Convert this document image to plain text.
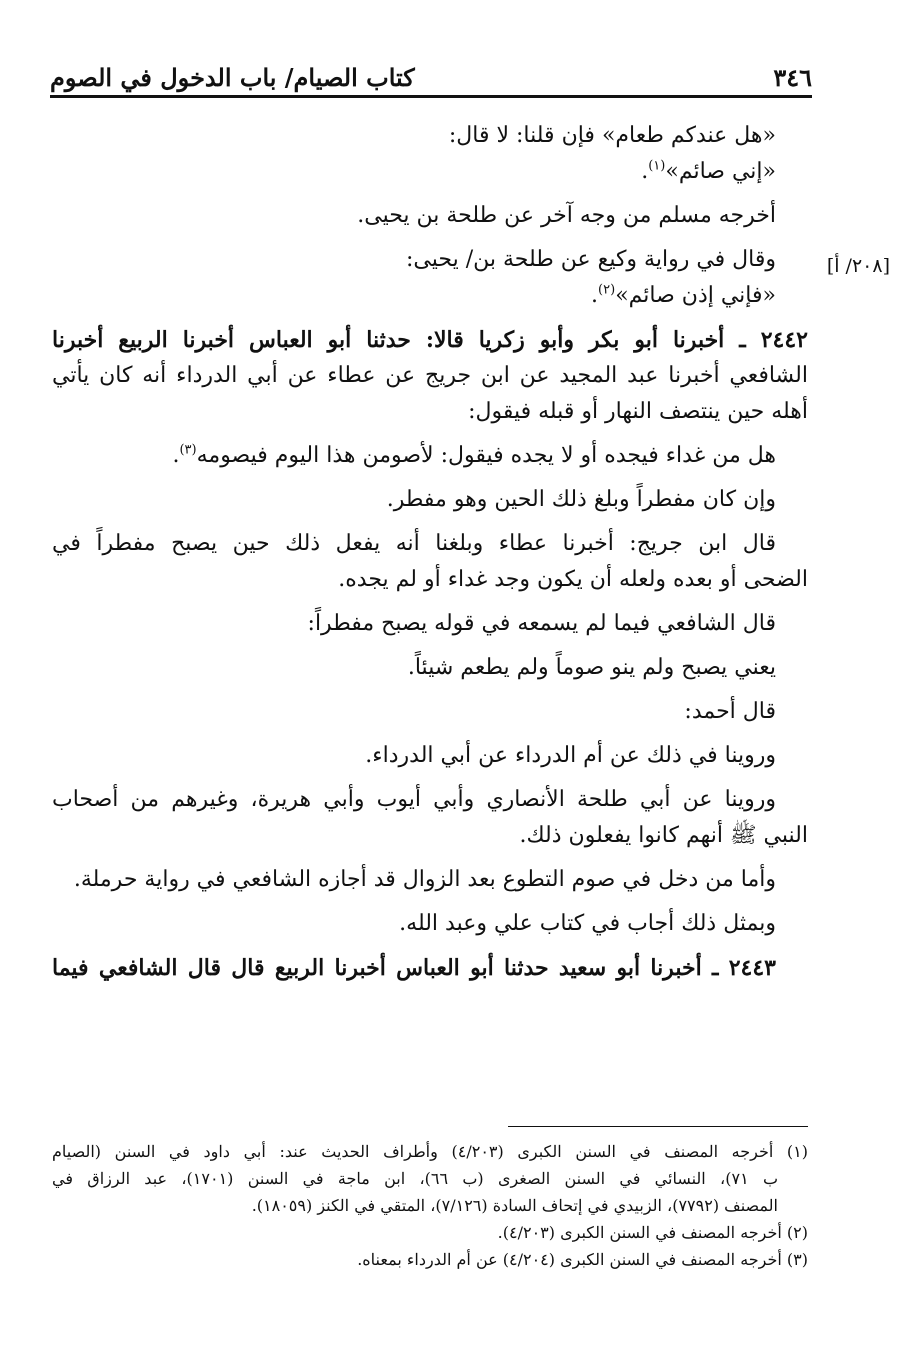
٣٤٦
كتاب الصيام/ باب الدخول في الصوم
[٢٠٨/ أ]
«هل عندكم طعام» فإن قلنا: لا قال:
«إني صائم»$^{(١)}$.
أخرجه مسلم من وجه آخر عن طلحة بن يحيى.
وقال في رواية وكيع عن طلحة بن/ يحيى:
«فإني إذن صائم»$^{(٢)}$.
٢٤٤٢ ـ أخبرنا أبو بكر وأبو زكريا قالا: حدثنا أبو العباس أخبرنا الربيع أخبرنا
الشافعي أخبرنا عبد المجيد عن ابن جريج عن عطاء عن أبي الدرداء أنه كان يأتي
أهله حين ينتصف النهار أو قبله فيقول:
هل من غداء فيجده أو لا يجده فيقول: لأصومن هذا اليوم فيصومه$^{(٣)}$.
وإن كان مفطراً وبلغ ذلك الحين وهو مفطر.
قال ابن جريج: أخبرنا عطاء وبلغنا أنه يفعل ذلك حين يصبح مفطراً في
الضحى أو بعده ولعله أن يكون وجد غداء أو لم يجده.
قال الشافعي فيما لم يسمعه في قوله يصبح مفطراً:
يعني يصبح ولم ينو صوماً ولم يطعم شيئاً.
قال أحمد:
وروينا في ذلك عن أم الدرداء عن أبي الدرداء.
وروينا عن أبي طلحة الأنصاري وأبي أيوب وأبي هريرة، وغيرهم من أصحاب
النبي ﷺ أنهم كانوا يفعلون ذلك.
وأما من دخل في صوم التطوع بعد الزوال قد أجازه الشافعي في رواية حرملة.
وبمثل ذلك أجاب في كتاب علي وعبد الله.
٢٤٤٣ ـ أخبرنا أبو سعيد حدثنا أبو العباس أخبرنا الربيع قال قال الشافعي فيما
(١) أخرجه المصنف في السنن الكبرى (٤/٢٠٣) وأطراف الحديث عند: أبي داود في السنن (الصيام
ب ٧١)، النسائي في السنن الصغرى (ب ٦٦)، ابن ماجة في السنن (١٧٠١)، عبد الرزاق في
المصنف (٧٧٩٢)، الزبيدي في إتحاف السادة (٧/١٢٦)، المتقي في الكنز (١٨٠٥٩).
(٢) أخرجه المصنف في السنن الكبرى (٤/٢٠٣).
(٣) أخرجه المصنف في السنن الكبرى (٤/٢٠٤) عن أم الدرداء بمعناه.
